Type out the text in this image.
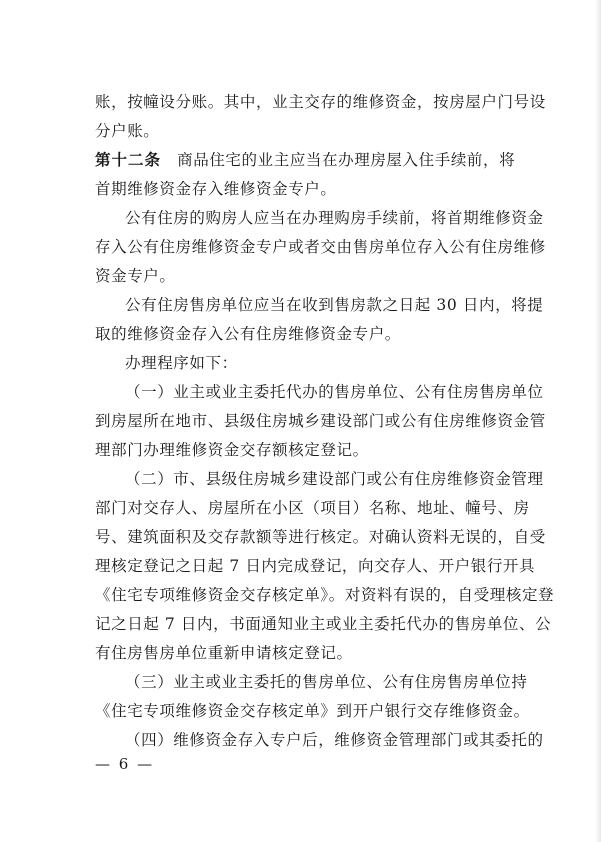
账，按幢设分账。其中，业主交存的维修资金，按房屋户门号设
分户账。
第十二条　 商品住宅的业主应当在办理房屋入住手续前，将
首期维修资金存入维修资金专户。
公有住房的购房人应当在办理购房手续前，将首期维修资金
存入公有住房维修资金专户或者交由售房单位存入公有住房维修
资金专户。
公有住房售房单位应当在收到售房款之日起 30 日内，将提
取的维修资金存入公有住房维修资金专户。
办理程序如下：
（一）业主或业主委托代办的售房单位、公有住房售房单位
到房屋所在地市、县级住房城乡建设部门或公有住房维修资金管
理部门办理维修资金交存额核定登记。
（二）市、县级住房城乡建设部门或公有住房维修资金管理
部门对交存人、房屋所在小区（项目）名称、地址、幢号、房
号、建筑面积及交存款额等进行核定。对确认资料无误的，自受
理核定登记之日起 7 日内完成登记，向交存人、开户银行开具
《住宅专项维修资金交存核定单》。对资料有误的，自受理核定登
记之日起 7 日内，书面通知业主或业主委托代办的售房单位、公
有住房售房单位重新申请核定登记。
（三）业主或业主委托的售房单位、公有住房售房单位持
《住宅专项维修资金交存核定单》到开户银行交存维修资金。
（四）维修资金存入专户后，维修资金管理部门或其委托的
— 6 —
